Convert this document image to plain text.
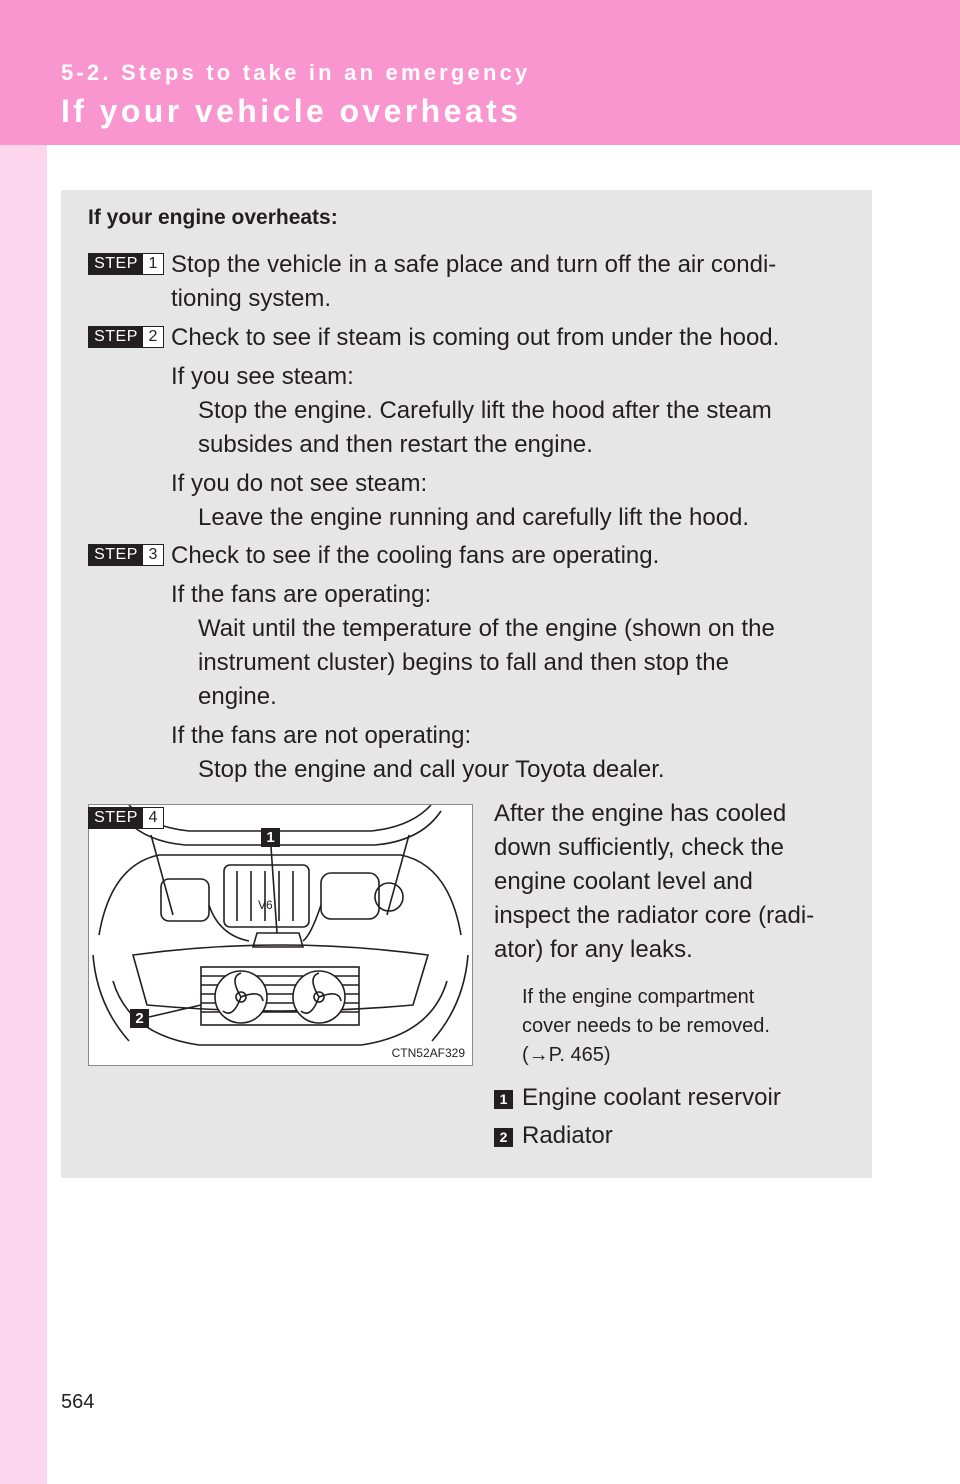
5-2. Steps to take in an emergency
If your vehicle overheats
If your engine overheats:
STEP 1 Stop the vehicle in a safe place and turn off the air condi-
tioning system.
STEP 2 Check to see if steam is coming out from under the hood.
If you see steam:
Stop the engine. Carefully lift the hood after the steam
subsides and then restart the engine.
If you do not see steam:
Leave the engine running and carefully lift the hood.
STEP 3 Check to see if the cooling fans are operating.
If the fans are operating:
Wait until the temperature of the engine (shown on the
instrument cluster) begins to fall and then stop the
engine.
If the fans are not operating:
Stop the engine and call your Toyota dealer.
V6
1
2
CTN52AF329
STEP 4	After the engine has cooled
down sufficiently, check the
engine coolant level and
inspect the radiator core (radi-
ator) for any leaks.
If the engine compartment
cover needs to be removed.
(→P. 465)
1 Engine coolant reservoir
2 Radiator
564
